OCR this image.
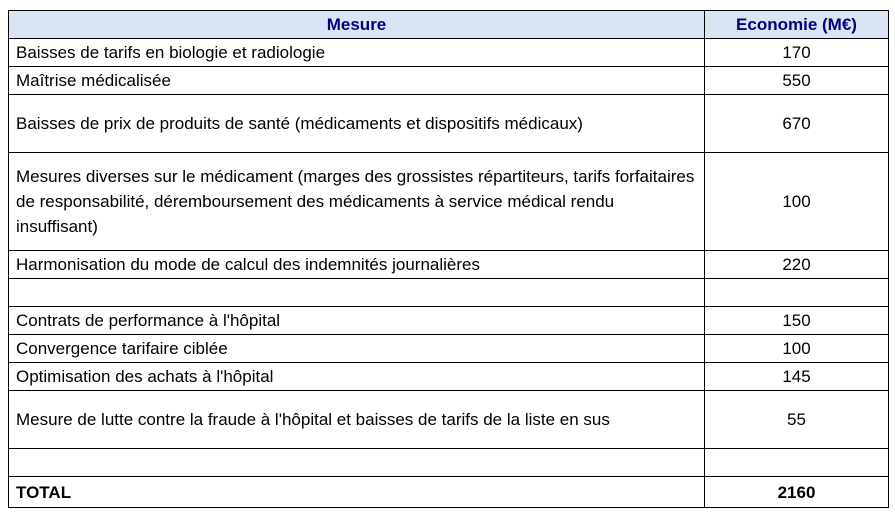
Mesure	Economie (M€)
Baisses de tarifs en biologie et radiologie	170
Maîtrise médicalisée	550
Baisses de prix de produits de santé (médicaments et dispositifs médicaux)	670
Mesures diverses sur le médicament (marges des grossistes répartiteurs, tarifs forfaitaires de responsabilité, déremboursement des médicaments à service médical rendu insuffisant)	100
Harmonisation du mode de calcul des indemnités journalières	220

Contrats de performance à l'hôpital	150
Convergence tarifaire ciblée	100
Optimisation des achats à l'hôpital	145
Mesure de lutte contre la fraude à l'hôpital et baisses de tarifs de la liste en sus	55

TOTAL	2160
